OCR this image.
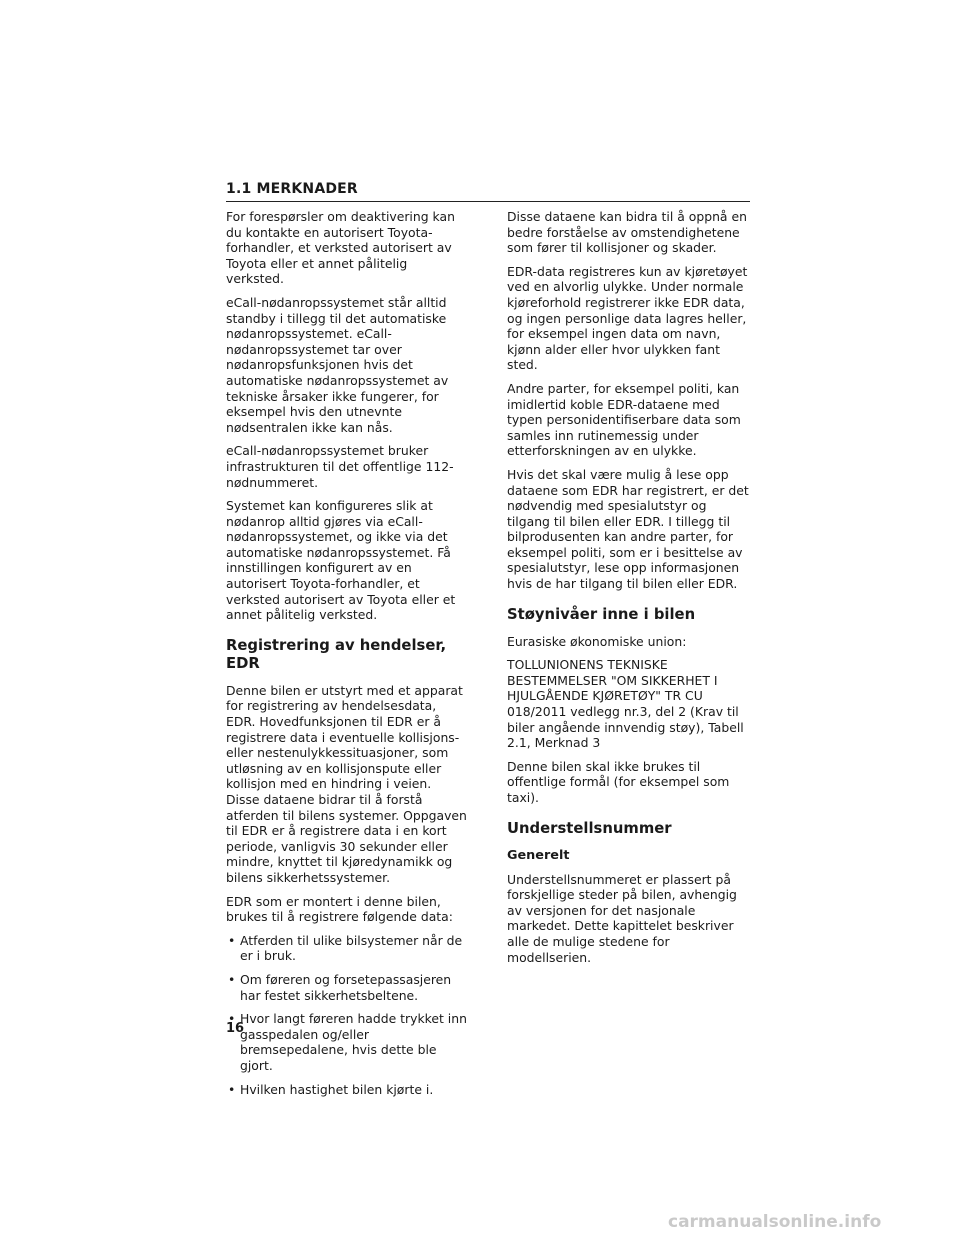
1.1 MERKNADER

For forespørsler om deaktivering kan du kontakte en autorisert Toyota-forhandler, et verksted autorisert av Toyota eller et annet pålitelig verksted.

eCall-nødanropssystemet står alltid standby i tillegg til det automatiske nødanropssystemet. eCall-nødanropssystemet tar over nødanropsfunksjonen hvis det automatiske nødanropssystemet av tekniske årsaker ikke fungerer, for eksempel hvis den utnevnte nødsentralen ikke kan nås.

eCall-nødanropssystemet bruker infrastrukturen til det offentlige 112-nødnummeret.

Systemet kan konfigureres slik at nødanrop alltid gjøres via eCall-nødanropssystemet, og ikke via det automatiske nødanropssystemet. Få innstillingen konfigurert av en autorisert Toyota-forhandler, et verksted autorisert av Toyota eller et annet pålitelig verksted.

Registrering av hendelser, EDR

Denne bilen er utstyrt med et apparat for registrering av hendelsesdata, EDR. Hovedfunksjonen til EDR er å registrere data i eventuelle kollisjons- eller nestenulykkessituasjoner, som utløsning av en kollisjonspute eller kollisjon med en hindring i veien. Disse dataene bidrar til å forstå atferden til bilens systemer. Oppgaven til EDR er å registrere data i en kort periode, vanligvis 30 sekunder eller mindre, knyttet til kjøredynamikk og bilens sikkerhetssystemer.

EDR som er montert i denne bilen, brukes til å registrere følgende data:

• Atferden til ulike bilsystemer når de er i bruk.
• Om føreren og forsetepassasjeren har festet sikkerhetsbeltene.
• Hvor langt føreren hadde trykket inn gasspedalen og/eller bremsepedalene, hvis dette ble gjort.
• Hvilken hastighet bilen kjørte i.

Disse dataene kan bidra til å oppnå en bedre forståelse av omstendighetene som fører til kollisjoner og skader.

EDR-data registreres kun av kjøretøyet ved en alvorlig ulykke. Under normale kjøreforhold registrerer ikke EDR data, og ingen personlige data lagres heller, for eksempel ingen data om navn, kjønn alder eller hvor ulykken fant sted.

Andre parter, for eksempel politi, kan imidlertid koble EDR-dataene med typen personidentifiserbare data som samles inn rutinemessig under etterforskningen av en ulykke.

Hvis det skal være mulig å lese opp dataene som EDR har registrert, er det nødvendig med spesialutstyr og tilgang til bilen eller EDR. I tillegg til bilprodusenten kan andre parter, for eksempel politi, som er i besittelse av spesialutstyr, lese opp informasjonen hvis de har tilgang til bilen eller EDR.

Støynivåer inne i bilen

Eurasiske økonomiske union:

TOLLUNIONENS TEKNISKE BESTEMMELSER "OM SIKKERHET I HJULGÅENDE KJØRETØY" TR CU 018/2011 vedlegg nr.3, del 2 (Krav til biler angående innvendig støy), Tabell 2.1, Merknad 3

Denne bilen skal ikke brukes til offentlige formål (for eksempel som taxi).

Understellsnummer
Generelt

Understellsnummeret er plassert på forskjellige steder på bilen, avhengig av versjonen for det nasjonale markedet. Dette kapittelet beskriver alle de mulige stedene for modellserien.

16
carmanualsonline.info
